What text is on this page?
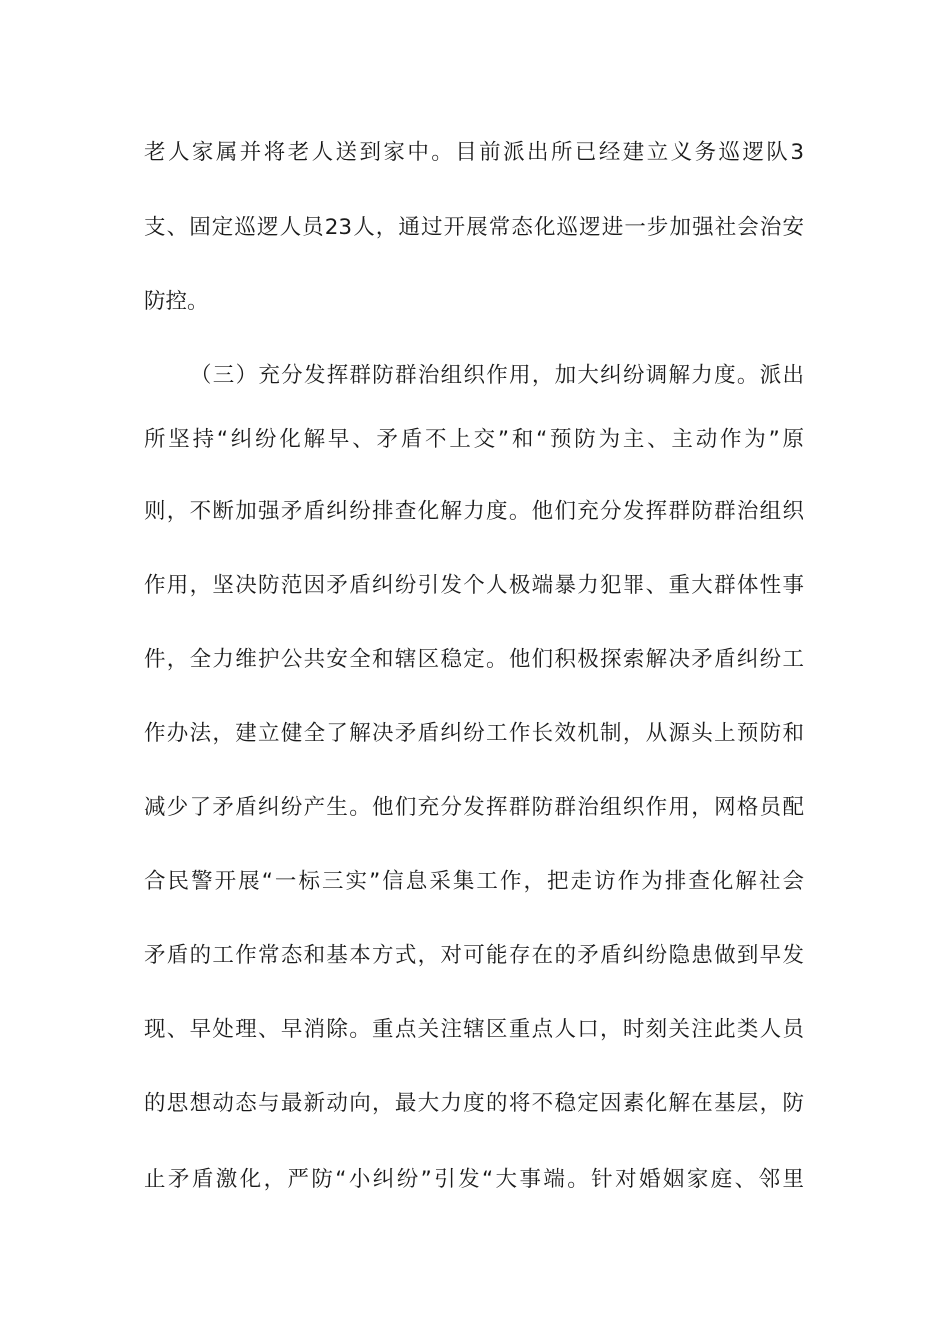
老人家属并将老人送到家中。目前派出所已经建立义务巡逻队3
支、固定巡逻人员23人，通过开展常态化巡逻进一步加强社会治安
防控。
（三）充分发挥群防群治组织作用，加大纠纷调解力度。派出
所坚持“纠纷化解早、矛盾不上交”和“预防为主、主动作为”原
则，不断加强矛盾纠纷排查化解力度。他们充分发挥群防群治组织
作用，坚决防范因矛盾纠纷引发个人极端暴力犯罪、重大群体性事
件，全力维护公共安全和辖区稳定。他们积极探索解决矛盾纠纷工
作办法，建立健全了解决矛盾纠纷工作长效机制，从源头上预防和
减少了矛盾纠纷产生。他们充分发挥群防群治组织作用，网格员配
合民警开展“一标三实”信息采集工作，把走访作为排查化解社会
矛盾的工作常态和基本方式，对可能存在的矛盾纠纷隐患做到早发
现、早处理、早消除。重点关注辖区重点人口，时刻关注此类人员
的思想动态与最新动向，最大力度的将不稳定因素化解在基层，防
止矛盾激化，严防“小纠纷”引发“大事端。针对婚姻家庭、邻里
